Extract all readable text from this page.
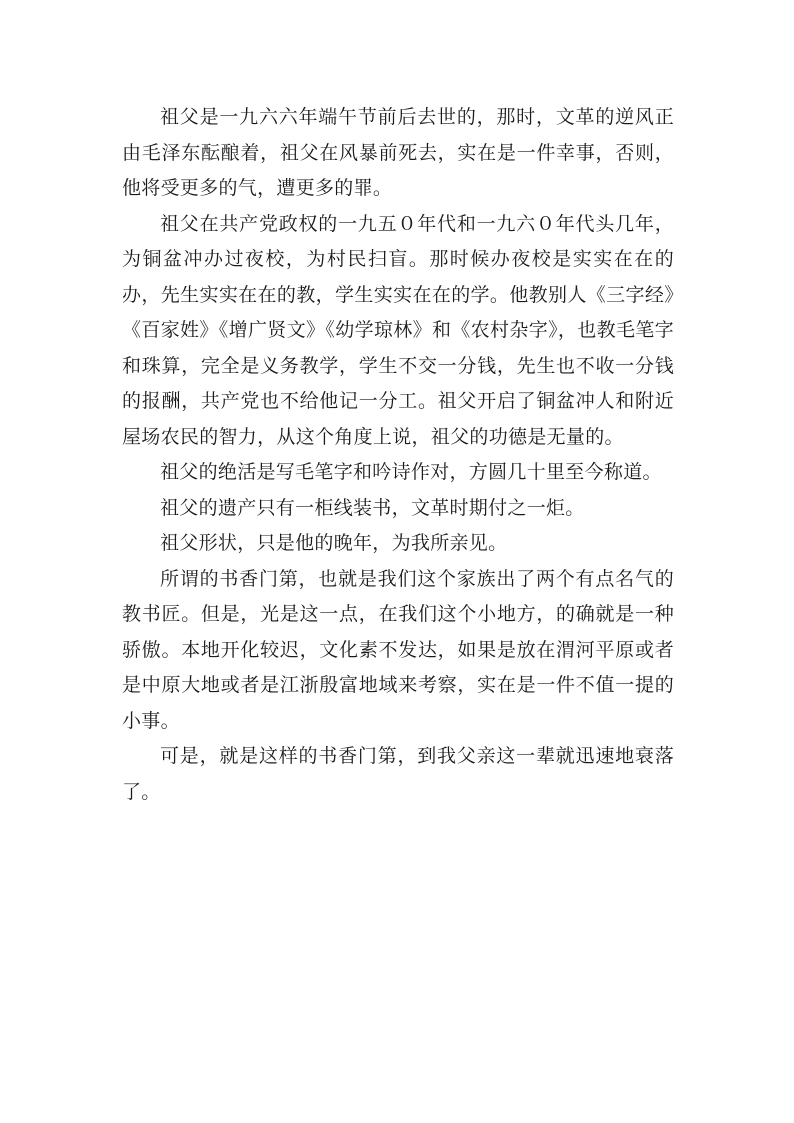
祖父是一九六六年端午节前后去世的，那时，文革的逆风正由毛泽东酝酿着，祖父在风暴前死去，实在是一件幸事，否则，他将受更多的气，遭更多的罪。

祖父在共产党政权的一九五０年代和一九六０年代头几年，为铜盆冲办过夜校，为村民扫盲。那时候办夜校是实实在在的办，先生实实在在的教，学生实实在在的学。他教别人《三字经》《百家姓》《增广贤文》《幼学琼林》和《农村杂字》，也教毛笔字和珠算，完全是义务教学，学生不交一分钱，先生也不收一分钱的报酬，共产党也不给他记一分工。祖父开启了铜盆冲人和附近屋场农民的智力，从这个角度上说，祖父的功德是无量的。

祖父的绝活是写毛笔字和吟诗作对，方圆几十里至今称道。

祖父的遗产只有一柜线装书，文革时期付之一炬。

祖父形状，只是他的晚年，为我所亲见。

所谓的书香门第，也就是我们这个家族出了两个有点名气的教书匠。但是，光是这一点，在我们这个小地方，的确就是一种骄傲。本地开化较迟，文化素不发达，如果是放在渭河平原或者是中原大地或者是江浙殷富地域来考察，实在是一件不值一提的小事。

可是，就是这样的书香门第，到我父亲这一辈就迅速地衰落了。
